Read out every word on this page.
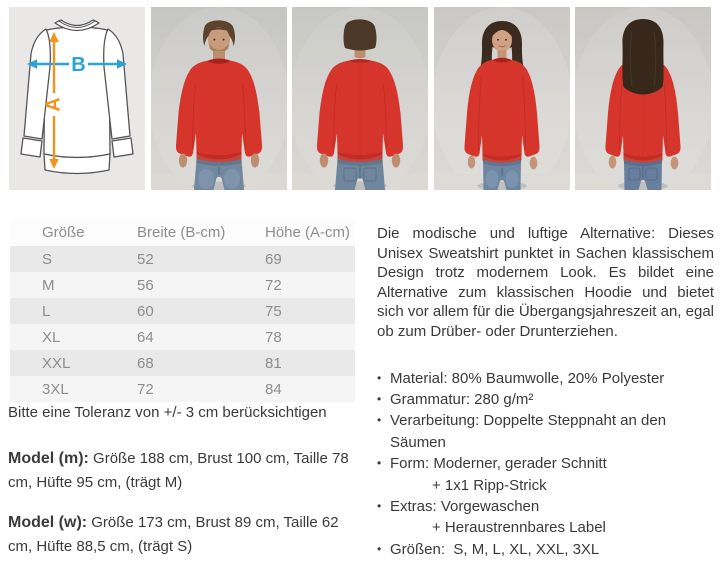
B
A
Größe	Breite (B-cm)	Höhe (A-cm)
S	52	69
M	56	72
L	60	75
XL	64	78
XXL	68	81
3XL	72	84
Bitte eine Toleranz von +/- 3 cm berücksichtigen
Model (m): Größe 188 cm, Brust 100 cm, Taille 78 cm, Hüfte 95 cm, (trägt M)
Model (w): Größe 173 cm, Brust 89 cm, Taille 62 cm, Hüfte 88,5 cm, (trägt S)
Die modische und luftige Alternative: Dieses Unisex Sweatshirt punktet in Sachen klassischem Design trotz modernem Look. Es bildet eine Alternative zum klassischen Hoodie und bietet sich vor allem für die Übergangsjahreszeit an, egal ob zum Drüber- oder Drunterziehen.
• Material: 80% Baumwolle, 20% Polyester
• Grammatur: 280 g/m²
• Verarbeitung: Doppelte Steppnaht an den Säumen
• Form: Moderner, gerader Schnitt
+ 1x1 Ripp-Strick
• Extras: Vorgewaschen
+ Heraustrennbares Label
• Größen:  S, M, L, XL, XXL, 3XL
